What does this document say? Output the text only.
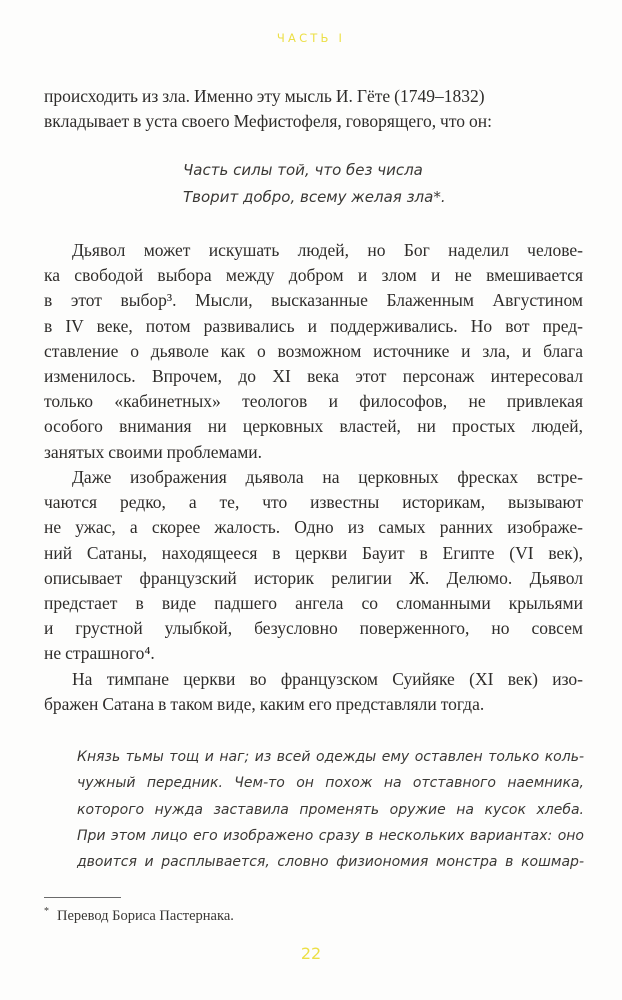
ЧАСТЬ I
происходить из зла. Именно эту мысль И. Гёте (1749–1832)
вкладывает в уста своего Мефистофеля, говорящего, что он:
Часть силы той, что без числа
Творит добро, всему желая зла*.
Дьявол может искушать людей, но Бог наделил челове-
ка свободой выбора между добром и злом и не вмешивается
в этот выбор³. Мысли, высказанные Блаженным Августином
в IV веке, потом развивались и поддерживались. Но вот пред-
ставление о дьяволе как о возможном источнике и зла, и блага
изменилось. Впрочем, до XI века этот персонаж интересовал
только «кабинетных» теологов и философов, не привлекая
особого внимания ни церковных властей, ни простых людей,
занятых своими проблемами.
Даже изображения дьявола на церковных фресках встре-
чаются редко, а те, что известны историкам, вызывают
не ужас, а скорее жалость. Одно из самых ранних изображе-
ний Сатаны, находящееся в церкви Бауит в Египте (VI век),
описывает французский историк религии Ж. Делюмо. Дьявол
предстает в виде падшего ангела со сломанными крыльями
и грустной улыбкой, безусловно поверженного, но совсем
не страшного⁴.
На тимпане церкви во французском Суийяке (XI век) изо-
бражен Сатана в таком виде, каким его представляли тогда.
Князь тьмы тощ и наг; из всей одежды ему оставлен только коль-
чужный передник. Чем-то он похож на отставного наемника,
которого нужда заставила променять оружие на кусок хлеба.
При этом лицо его изображено сразу в нескольких вариантах: оно
двоится и расплывается, словно физиономия монстра в кошмар-
* Перевод Бориса Пастернака.
22
